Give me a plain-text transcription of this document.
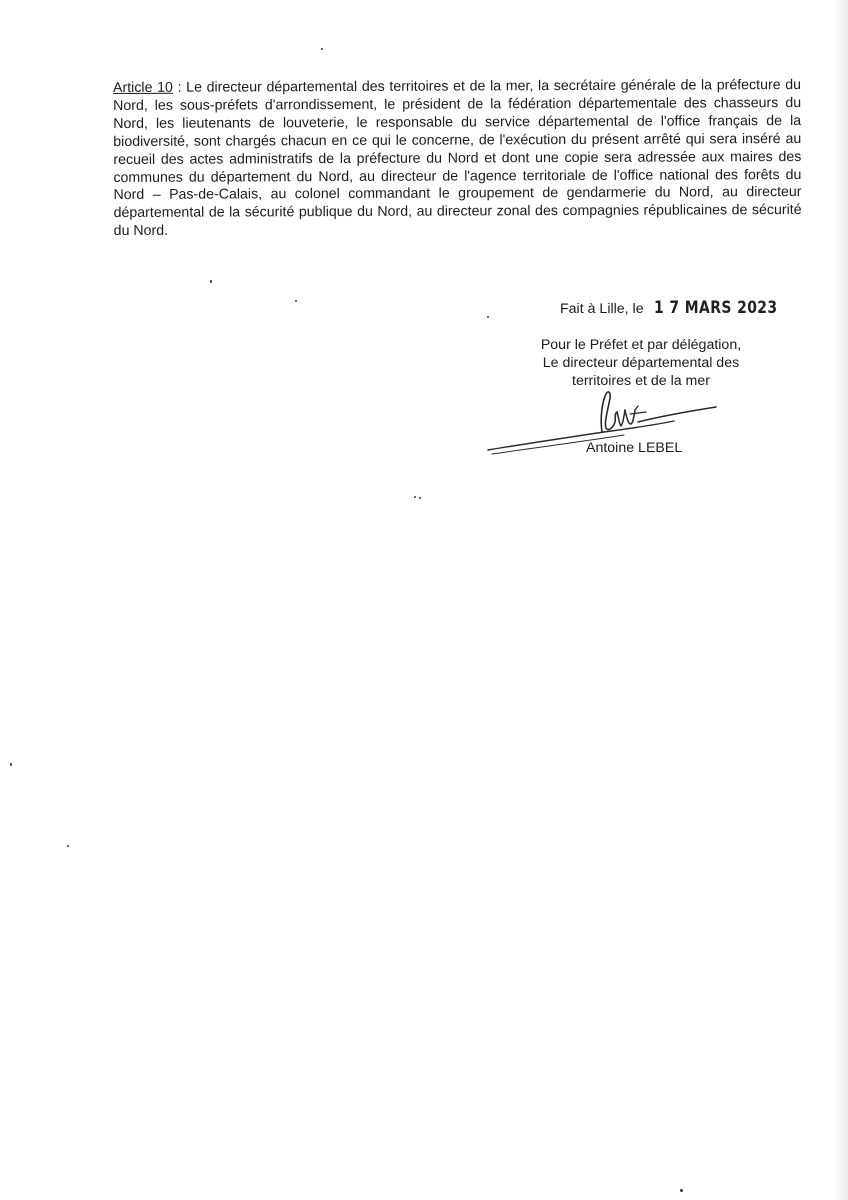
Article 10 : Le directeur départemental des territoires et de la mer, la secrétaire générale de la préfecture du Nord, les sous-préfets d'arrondissement, le président de la fédération départementale des chasseurs du Nord, les lieutenants de louveterie, le responsable du service départemental de l'office français de la biodiversité, sont chargés chacun en ce qui le concerne, de l'exécution du présent arrêté qui sera inséré au recueil des actes administratifs de la préfecture du Nord et dont une copie sera adressée aux maires des communes du département du Nord, au directeur de l'agence territoriale de l'office national des forêts du Nord – Pas-de-Calais, au colonel commandant le groupement de gendarmerie du Nord, au directeur départemental de la sécurité publique du Nord, au directeur zonal des compagnies républicaines de sécurité du Nord.

Fait à Lille, le 1 7 MARS 2023
Pour le Préfet et par délégation,
Le directeur départemental des
territoires et de la mer
Antoine LEBEL
